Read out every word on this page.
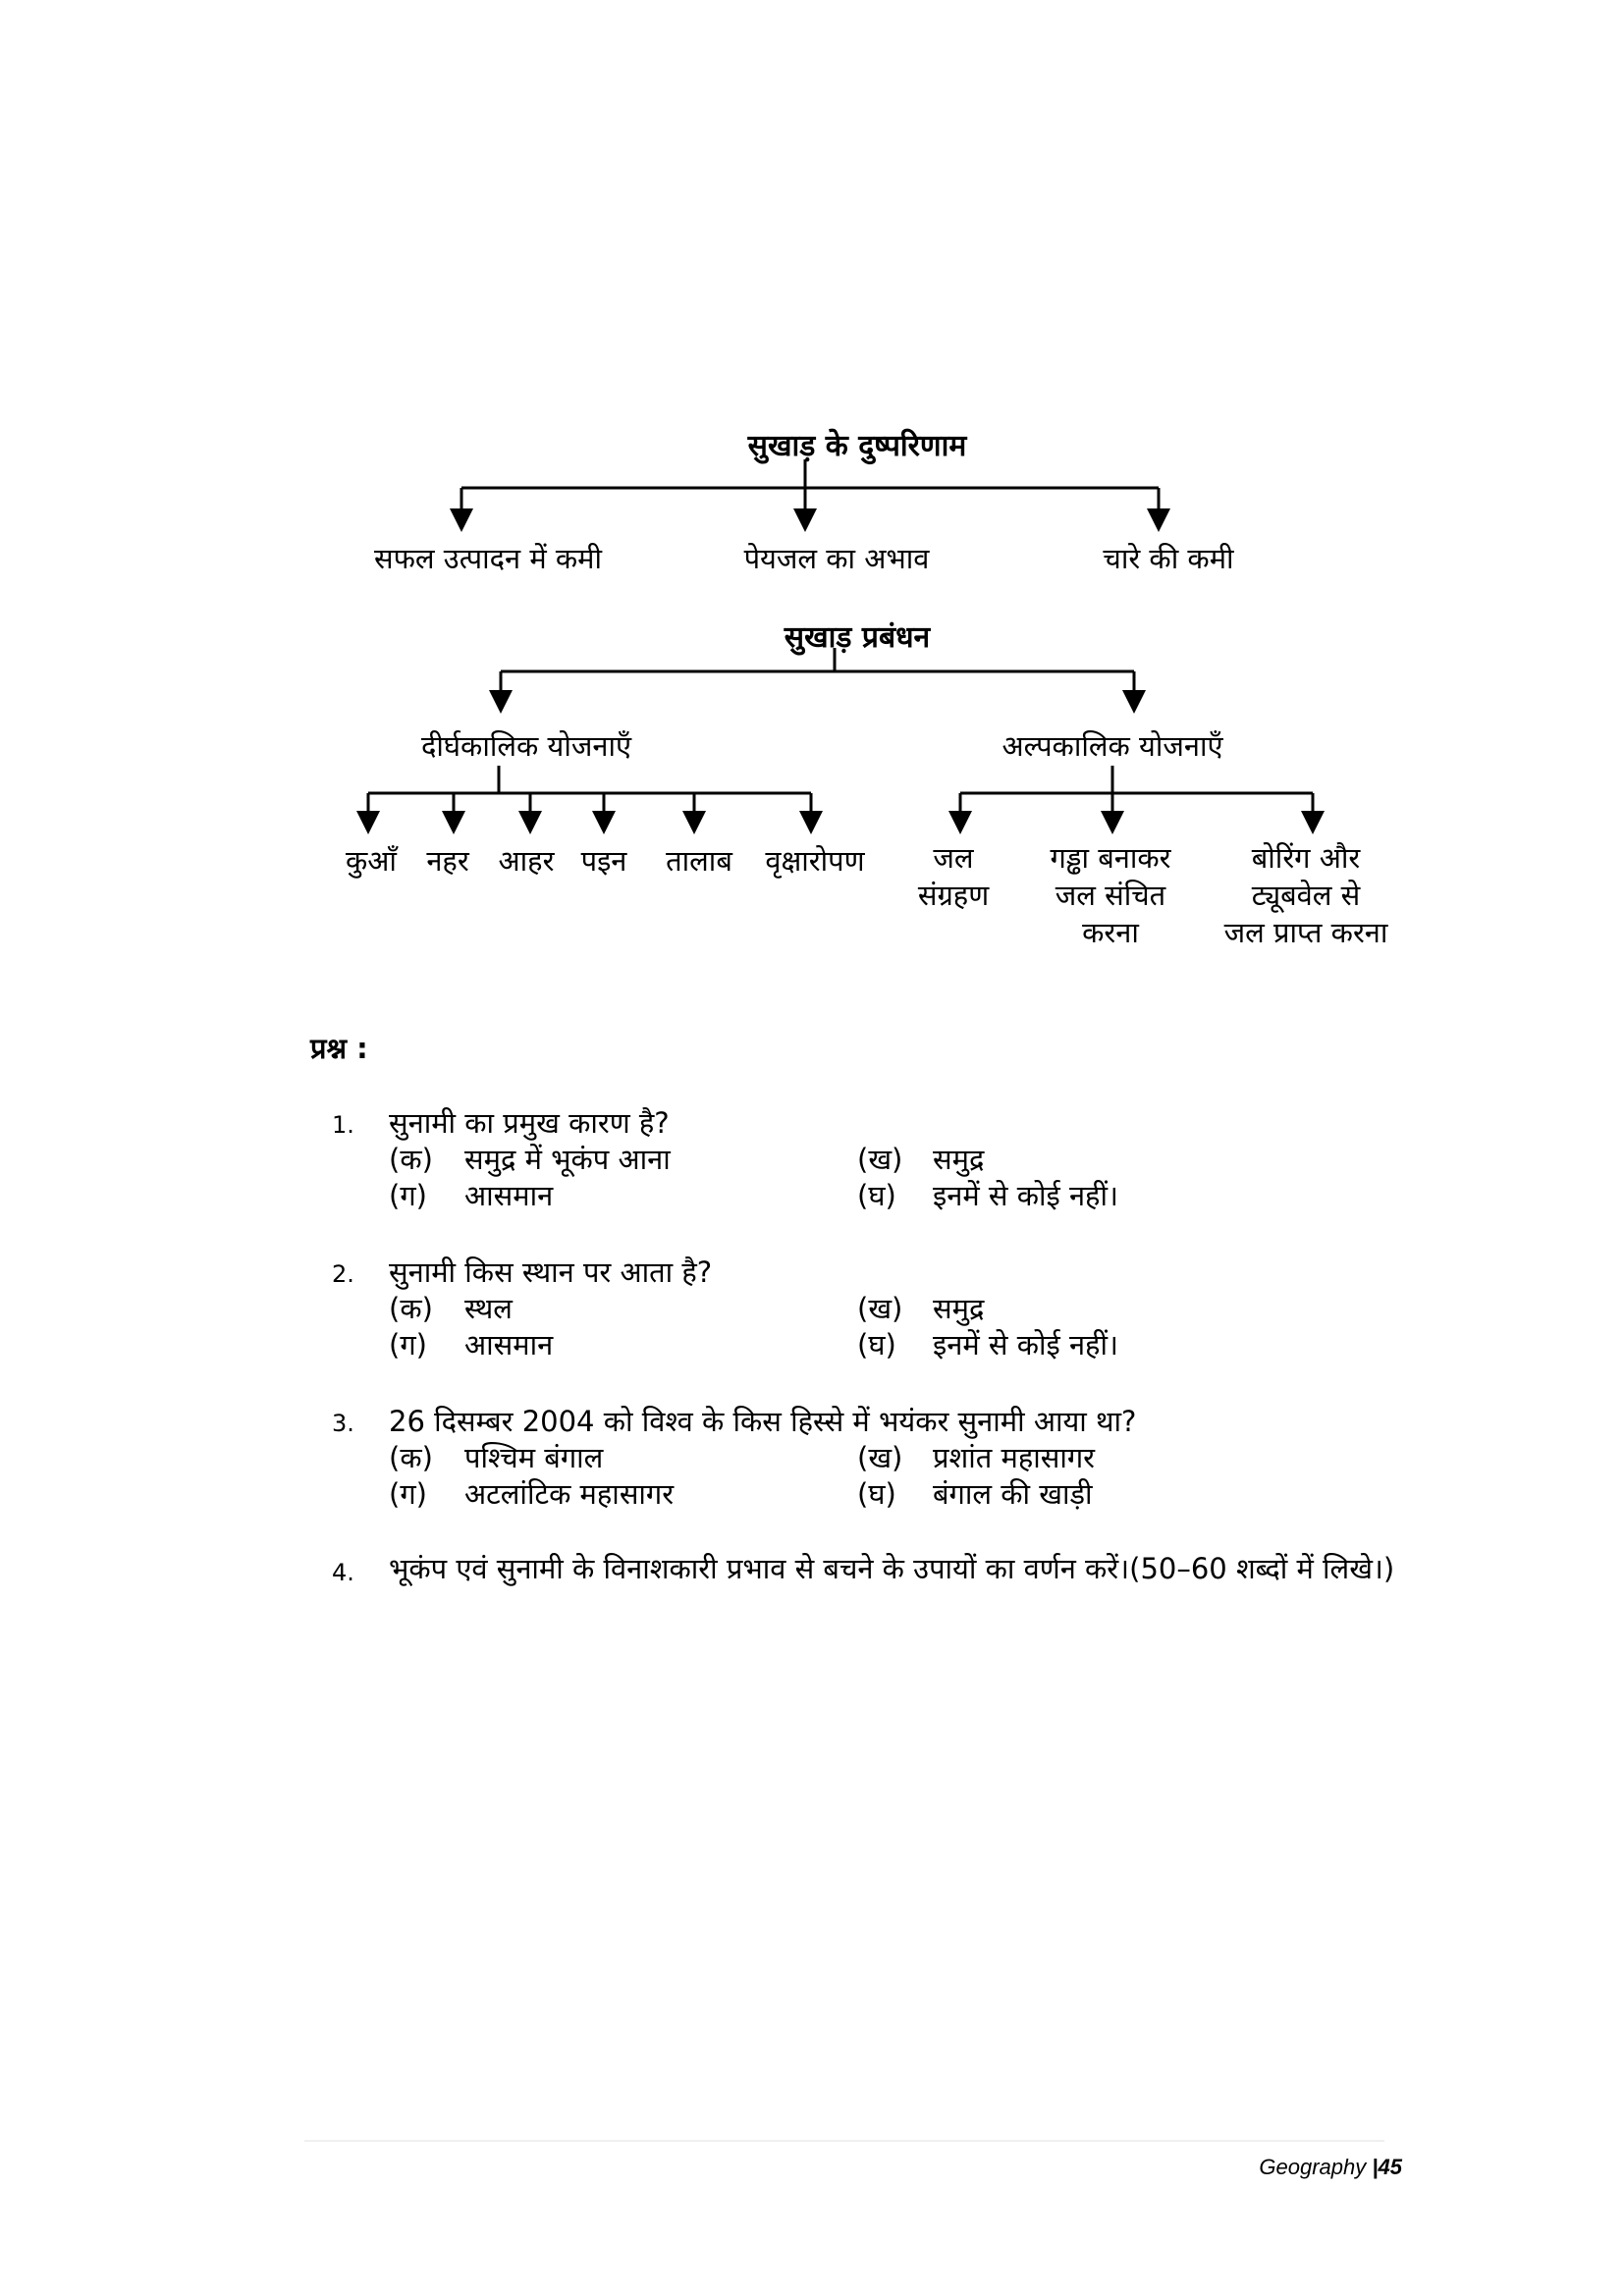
सुखाड़ के दुष्परिणाम
सफल उत्पादन में कमी	पेयजल का अभाव	चारे की कमी
सुखाड़ प्रबंधन
दीर्घकालिक योजनाएँ	अल्पकालिक योजनाएँ
कुआँ नहर आहर पइन तालाब वृक्षारोपण	जल
संग्रहण
गड्ढा बनाकर
जल संचित
करना
बोरिंग और
ट्यूबवेल से
जल प्राप्त करना
प्रश्न :
1. सुनामी का प्रमुख कारण है?
(क) समुद्र में भूकंप आना	(ख) समुद्र
(ग) आसमान	(घ) इनमें से कोई नहीं।
2. सुनामी किस स्थान पर आता है?
(क) स्थल	(ख) समुद्र
(ग) आसमान	(घ) इनमें से कोई नहीं।
3. 26 दिसम्बर 2004 को विश्व के किस हिस्से में भयंकर सुनामी आया था?
(क) पश्चिम बंगाल	(ख) प्रशांत महासागर
(ग) अटलांटिक महासागर	(घ) बंगाल की खाड़ी
4. भूकंप एवं सुनामी के विनाशकारी प्रभाव से बचने के उपायों का वर्णन करें।(50–60 शब्दों में लिखे।)
Geography |45
